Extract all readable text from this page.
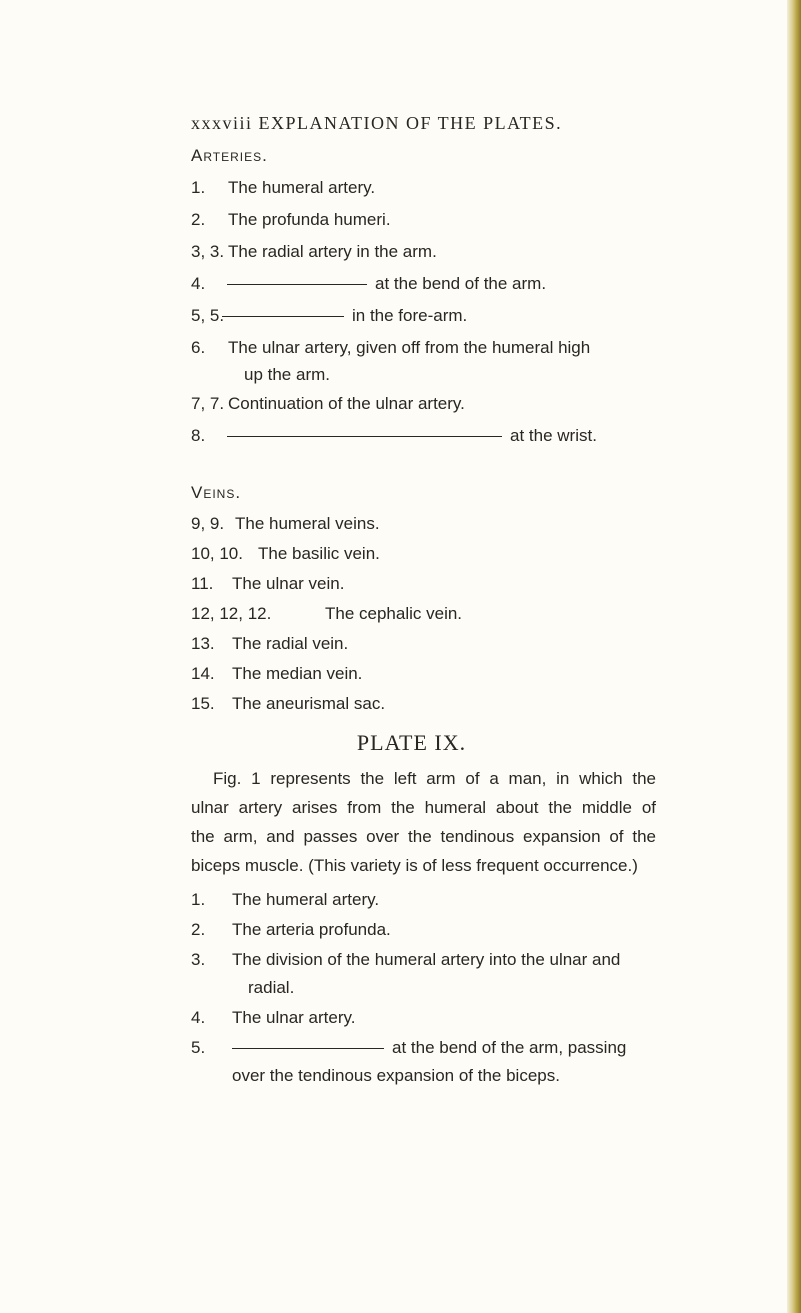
xxxviii EXPLANATION OF THE PLATES.
Arteries.
1. The humeral artery.
2. The profunda humeri.
3, 3. The radial artery in the arm.
4.	at the bend of the arm.
5, 5.	in the fore-arm.
6. The ulnar artery, given off from the humeral high
up the arm.
7, 7. Continuation of the ulnar artery.
8.	at the wrist.
Veins.
9, 9. The humeral veins.
10, 10. The basilic vein.
11. The ulnar vein.
12, 12, 12.	The cephalic vein.
13. The radial vein.
14. The median vein.
15. The aneurismal sac.
PLATE IX.
Fig. 1 represents the left arm of a man, in which the
ulnar artery arises from the humeral about the middle of
the arm, and passes over the tendinous expansion of the
biceps muscle. (This variety is of less frequent occurrence.)
1. The humeral artery.
2. The arteria profunda.
3. The division of the humeral artery into the ulnar and
radial.
4. The ulnar artery.
5.	at the bend of the arm, passing
over the tendinous expansion of the biceps.
